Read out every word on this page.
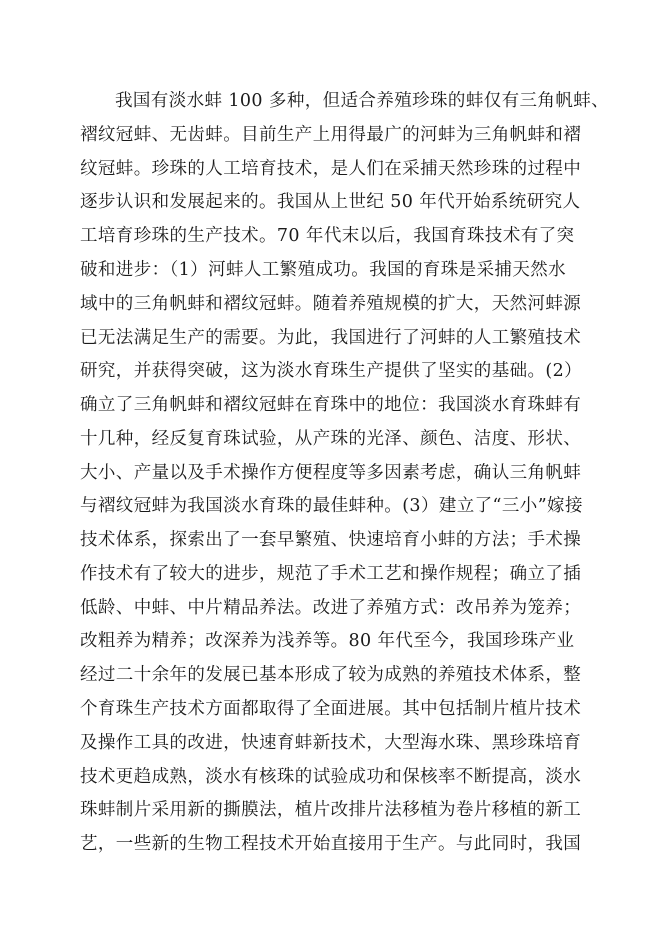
我国有淡水蚌 100 多种，但适合养殖珍珠的蚌仅有三角帆蚌、
褶纹冠蚌、无齿蚌。目前生产上用得最广的河蚌为三角帆蚌和褶
纹冠蚌。珍珠的人工培育技术，是人们在采捕天然珍珠的过程中
逐步认识和发展起来的。我国从上世纪 50 年代开始系统研究人
工培育珍珠的生产技术。70 年代末以后，我国育珠技术有了突
破和进步：（1）河蚌人工繁殖成功。我国的育珠是采捕天然水
域中的三角帆蚌和褶纹冠蚌。随着养殖规模的扩大，天然河蚌源
已无法满足生产的需要。为此，我国进行了河蚌的人工繁殖技术
研究，并获得突破，这为淡水育珠生产提供了坚实的基础。(2）
确立了三角帆蚌和褶纹冠蚌在育珠中的地位：我国淡水育珠蚌有
十几种，经反复育珠试验，从产珠的光泽、颜色、洁度、形状、
大小、产量以及手术操作方便程度等多因素考虑，确认三角帆蚌
与褶纹冠蚌为我国淡水育珠的最佳蚌种。(3）建立了“三小”嫁接
技术体系，探索出了一套早繁殖、快速培育小蚌的方法；手术操
作技术有了较大的进步，规范了手术工艺和操作规程；确立了插
低龄、中蚌、中片精品养法。改进了养殖方式：改吊养为笼养；
改粗养为精养；改深养为浅养等。80 年代至今，我国珍珠产业
经过二十余年的发展已基本形成了较为成熟的养殖技术体系，整
个育珠生产技术方面都取得了全面进展。其中包括制片植片技术
及操作工具的改进，快速育蚌新技术，大型海水珠、黑珍珠培育
技术更趋成熟，淡水有核珠的试验成功和保核率不断提高，淡水
珠蚌制片采用新的撕膜法，植片改排片法移植为卷片移植的新工
艺，一些新的生物工程技术开始直接用于生产。与此同时，我国
